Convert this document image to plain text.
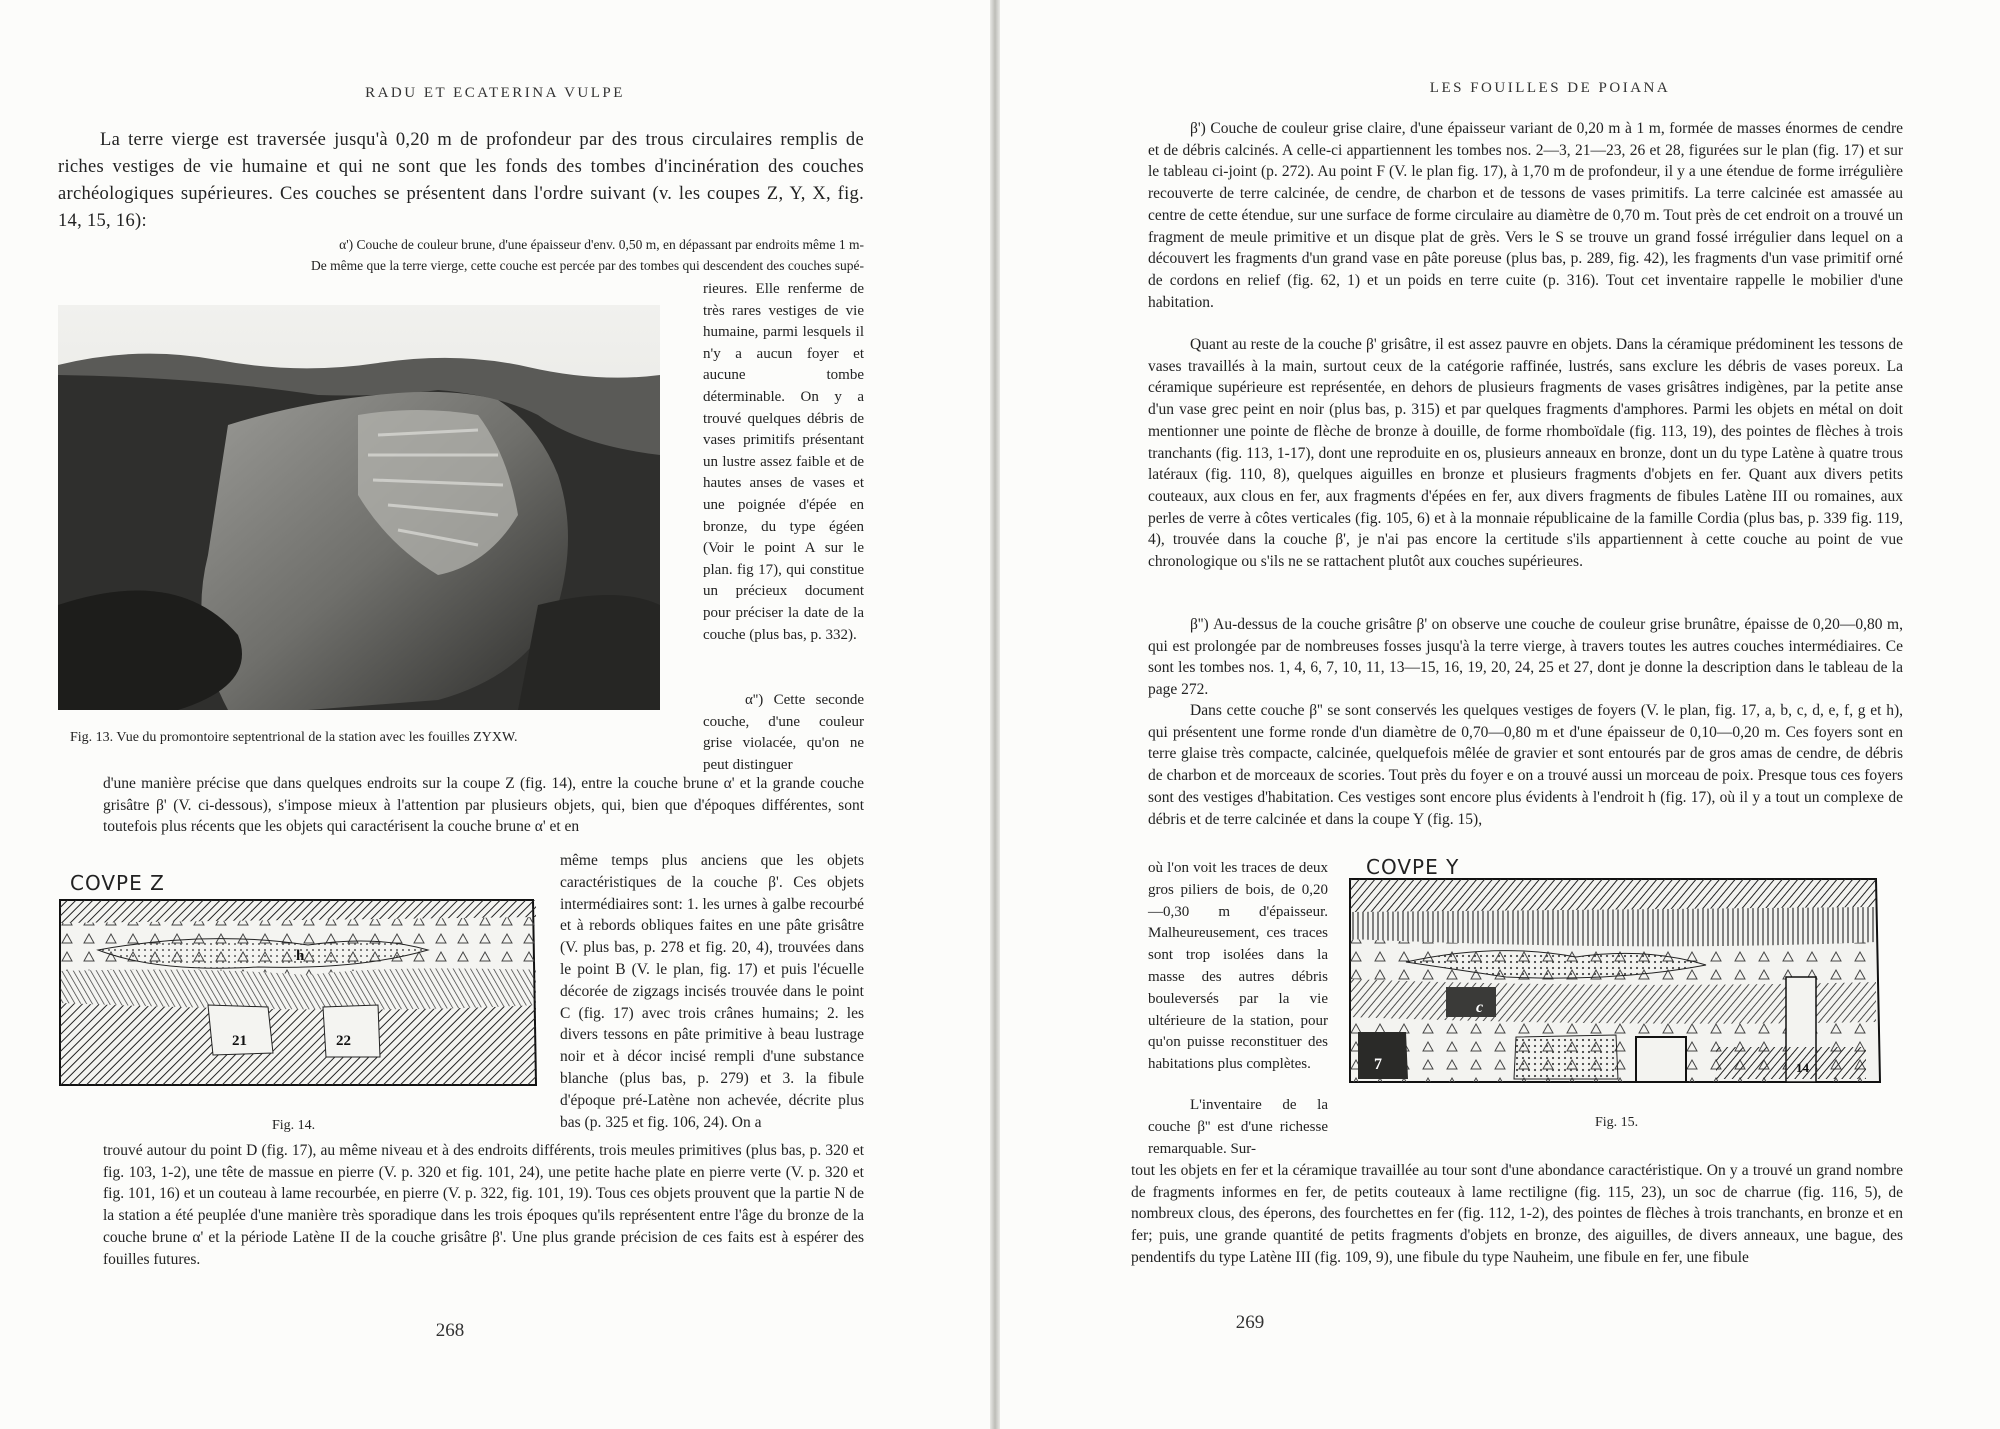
RADU ET ECATERINA VULPE

La terre vierge est traversée jusqu'à 0,20 m de profondeur par des trous circulaires remplis de riches vestiges de vie humaine et qui ne sont que les fonds des tombes d'incinération des couches archéologiques supérieures. Ces couches se présentent dans l'ordre suivant (v. les coupes Z, Y, X, fig. 14, 15, 16):

α') Couche de couleur brune, d'une épaisseur d'env. 0,50 m, en dépassant par endroits même 1 m-
De même que la terre vierge, cette couche est percée par des tombes qui descendent des couches supé-
Fig. 13. Vue du promontoire septentrional de la station avec les fouilles ZYXW.

rieures. Elle renferme de très rares vestiges de vie humaine, parmi lesquels il n'y a aucun foyer et aucune tombe déterminable. On y a trouvé quelques débris de vases primitifs présentant un lustre assez faible et de hautes anses de vases et une poignée d'épée en bronze, du type égéen (Voir le point A sur le plan. fig 17), qui constitue un précieux document pour préciser la date de la couche (plus bas, p. 332).

α'') Cette seconde couche, d'une couleur grise violacée, qu'on ne peut distinguer

d'une manière précise que dans quelques endroits sur la coupe Z (fig. 14), entre la couche brune α' et la grande couche grisâtre β' (V. ci-dessous), s'impose mieux à l'attention par plusieurs objets, qui, bien que d'époques différentes, sont toutefois plus récents que les objets qui caractérisent la couche brune α' et en

21	22
h
COVPE Z
Fig. 14.

même temps plus anciens que les objets caractéristiques de la couche β'. Ces objets intermédiaires sont: 1. les urnes à galbe recourbé et à rebords obliques faites en une pâte grisâtre (V. plus bas, p. 278 et fig. 20, 4), trouvées dans le point B (V. le plan, fig. 17) et puis l'écuelle décorée de zigzags incisés trouvée dans le point C (fig. 17) avec trois crânes humains; 2. les divers tessons en pâte primitive à beau lustrage noir et à décor incisé rempli d'une substance blanche (plus bas, p. 279) et 3. la fibule d'époque pré-Latène non achevée, décrite plus bas (p. 325 et fig. 106, 24). On a

trouvé autour du point D (fig. 17), au même niveau et à des endroits différents, trois meules primitives (plus bas, p. 320 et fig. 103, 1-2), une tête de massue en pierre (V. p. 320 et fig. 101, 24), une petite hache plate en pierre verte (V. p. 320 et fig. 101, 16) et un couteau à lame recourbée, en pierre (V. p. 322, fig. 101, 19). Tous ces objets prouvent que la partie N de la station a été peuplée d'une manière très sporadique dans les trois époques qu'ils représentent entre l'âge du bronze de la couche brune α' et la période Latène II de la couche grisâtre β'. Une plus grande précision de ces faits est à espérer des fouilles futures.

268
LES FOUILLES DE POIANA

β') Couche de couleur grise claire, d'une épaisseur variant de 0,20 m à 1 m, formée de masses énormes de cendre et de débris calcinés. A celle-ci appartiennent les tombes nos. 2—3, 21—23, 26 et 28, figurées sur le plan (fig. 17) et sur le tableau ci-joint (p. 272). Au point F (V. le plan fig. 17), à 1,70 m de profondeur, il y a une étendue de forme irrégulière recouverte de terre calcinée, de cendre, de charbon et de tessons de vases primitifs. La terre calcinée est amassée au centre de cette étendue, sur une surface de forme circulaire au diamètre de 0,70 m. Tout près de cet endroit on a trouvé un fragment de meule primitive et un disque plat de grès. Vers le S se trouve un grand fossé irrégulier dans lequel on a découvert les fragments d'un grand vase en pâte poreuse (plus bas, p. 289, fig. 42), les fragments d'un vase primitif orné de cordons en relief (fig. 62, 1) et un poids en terre cuite (p. 316). Tout cet inventaire rappelle le mobilier d'une habitation.

Quant au reste de la couche β' grisâtre, il est assez pauvre en objets. Dans la céramique prédominent les tessons de vases travaillés à la main, surtout ceux de la catégorie raffinée, lustrés, sans exclure les débris de vases poreux. La céramique supérieure est représentée, en dehors de plusieurs fragments de vases grisâtres indigènes, par la petite anse d'un vase grec peint en noir (plus bas, p. 315) et par quelques fragments d'amphores. Parmi les objets en métal on doit mentionner une pointe de flèche de bronze à douille, de forme rhomboïdale (fig. 113, 19), des pointes de flèches à trois tranchants (fig. 113, 1-17), dont une reproduite en os, plusieurs anneaux en bronze, dont un du type Latène à quatre trous latéraux (fig. 110, 8), quelques aiguilles en bronze et plusieurs fragments d'objets en fer. Quant aux divers petits couteaux, aux clous en fer, aux fragments d'épées en fer, aux divers fragments de fibules Latène III ou romaines, aux perles de verre à côtes verticales (fig. 105, 6) et à la monnaie républicaine de la famille Cordia (plus bas, p. 339 fig. 119, 4), trouvée dans la couche β', je n'ai pas encore la certitude s'ils appartiennent à cette couche au point de vue chronologique ou s'ils ne se rattachent plutôt aux couches supérieures.

β'') Au-dessus de la couche grisâtre β' on observe une couche de couleur grise brunâtre, épaisse de 0,20—0,80 m, qui est prolongée par de nombreuses fosses jusqu'à la terre vierge, à travers toutes les autres couches intermédiaires. Ce sont les tombes nos. 1, 4, 6, 7, 10, 11, 13—15, 16, 19, 20, 24, 25 et 27, dont je donne la description dans le tableau de la page 272.

Dans cette couche β'' se sont conservés les quelques vestiges de foyers (V. le plan, fig. 17, a, b, c, d, e, f, g et h), qui présentent une forme ronde d'un diamètre de 0,70—0,80 m et d'une épaisseur de 0,10—0,20 m. Ces foyers sont en terre glaise très compacte, calcinée, quelquefois mêlée de gravier et sont entourés par de gros amas de cendre, de débris de charbon et de morceaux de scories. Tout près du foyer e on a trouvé aussi un morceau de poix. Presque tous ces foyers sont des vestiges d'habitation. Ces vestiges sont encore plus évidents à l'endroit h (fig. 17), où il y a tout un complexe de débris et de terre calcinée et dans la coupe Y (fig. 15),

où l'on voit les traces de deux gros piliers de bois, de 0,20—0,30 m d'épaisseur. Malheureusement, ces traces sont trop isolées dans la masse des autres débris bouleversés par la vie ultérieure de la station, pour qu'on puisse reconstituer des habitations plus complètes.

L'inventaire de la couche β'' est d'une richesse remarquable. Sur-

c
7	14
COVPE Y
Fig. 15.

tout les objets en fer et la céramique travaillée au tour sont d'une abondance caractéristique. On y a trouvé un grand nombre de fragments informes en fer, de petits couteaux à lame rectiligne (fig. 115, 23), un soc de charrue (fig. 116, 5), de nombreux clous, des éperons, des fourchettes en fer (fig. 112, 1-2), des pointes de flèches à trois tranchants, en bronze et en fer; puis, une grande quantité de petits fragments d'objets en bronze, des aiguilles, de divers anneaux, une bague, des pendentifs du type Latène III (fig. 109, 9), une fibule du type Nauheim, une fibule en fer, une fibule

269
